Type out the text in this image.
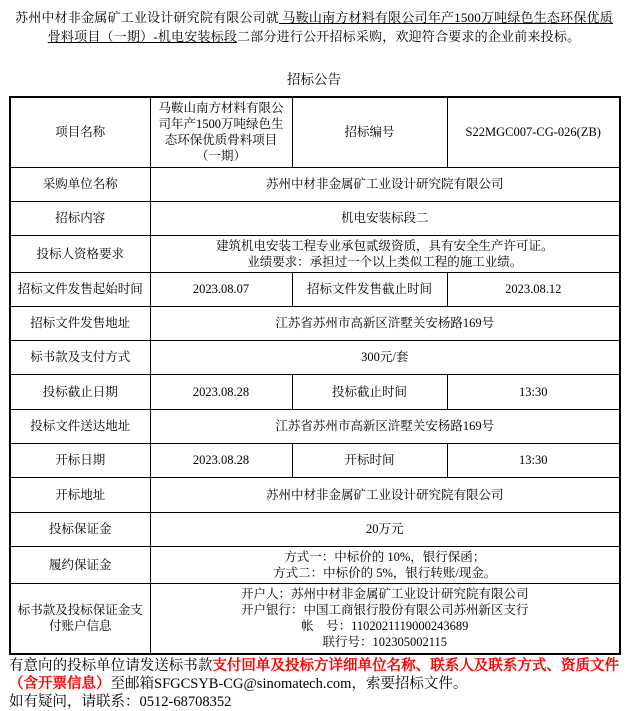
苏州中材非金属矿工业设计研究院有限公司就 马鞍山南方材料有限公司年产1500万吨绿色生态环保优质骨料项目（一期）-机电安装标段二部分进行公开招标采购，欢迎符合要求的企业前来投标。

招标公告
项目名称	马鞍山南方材料有限公司年产1500万吨绿色生态环保优质骨料项目（一期）	招标编号	S22MGC007-CG-026(ZB)
采购单位名称	苏州中材非金属矿工业设计研究院有限公司		
招标内容	机电安装标段二		
投标人资格要求	建筑机电安装工程专业承包贰级资质，具有安全生产许可证。
业绩要求：承担过一个以上类似工程的施工业绩。		

招标文件发售起始时间	2023.08.07	招标文件发售截止时间	2023.08.12
招标文件发售地址	江苏省苏州市高新区浒墅关安杨路169号		
标书款及支付方式	300元/套		
投标截止日期	2023.08.28	投标截止时间	13:30
投标文件送达地址	江苏省苏州市高新区浒墅关安杨路169号		
开标日期	2023.08.28	开标时间	13:30
开标地址	苏州中材非金属矿工业设计研究院有限公司		
投标保证金	20万元		
履约保证金	方式一：中标价的 10%，银行保函；
方式二：中标价的 5%，银行转账/现金。		

标书款及投标保证金支付账户信息	开户人：苏州中材非金属矿工业设计研究院有限公司
开户银行：中国工商银行股份有限公司苏州新区支行
帐　号：1102021119000243689
联行号：102305002115		

有意向的投标单位请发送标书款支付回单及投标方详细单位名称、联系人及联系方式、资质文件（含开票信息）至邮箱SFGCSYB-CG@sinomatech.com，索要招标文件。
如有疑问，请联系：0512-68708352
